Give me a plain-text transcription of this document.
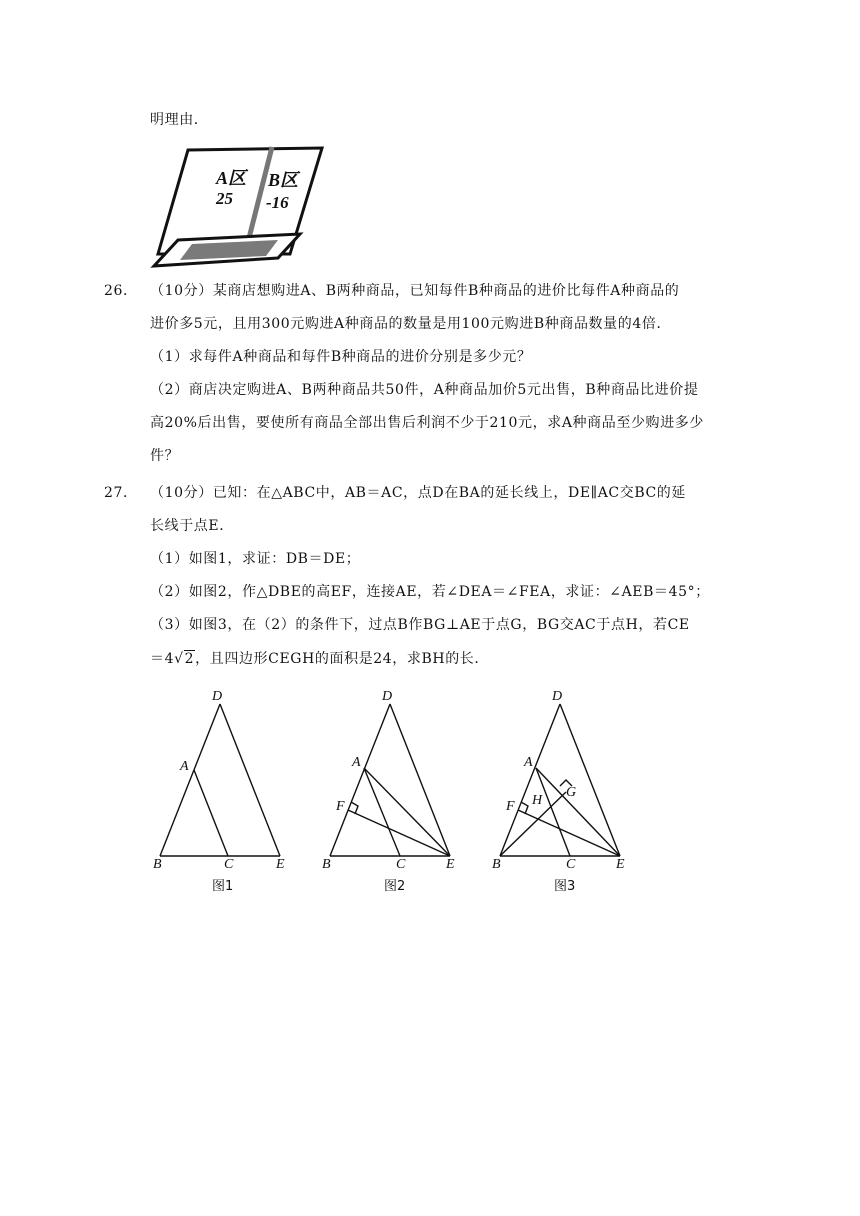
明理由．
A区
25
B区
-16
26． （10分）某商店想购进A、B两种商品，已知每件B种商品的进价比每件A种商品的
进价多5元，且用300元购进A种商品的数量是用100元购进B种商品数量的4倍．
（1）求每件A种商品和每件B种商品的进价分别是多少元？
（2）商店决定购进A、B两种商品共50件，A种商品加价5元出售，B种商品比进价提
高20%后出售，要使所有商品全部出售后利润不少于210元，求A种商品至少购进多少
件？
27． （10分）已知：在△ABC中，AB＝AC，点D在BA的延长线上，DE∥AC交BC的延
长线于点E．
（1）如图1，求证：DB＝DE；
（2）如图2，作△DBE的高EF，连接AE，若∠DEA＝∠FEA，求证：∠AEB＝45°；
（3）如图3，在（2）的条件下，过点B作BG⊥AE于点G，BG交AC于点H，若CE
＝4√2，且四边形CEGH的面积是24，求BH的长．
D
A
B	C	E
图1
D
A
F
B	C	E
图2
D
A
F H
G
B	C	E
图3
